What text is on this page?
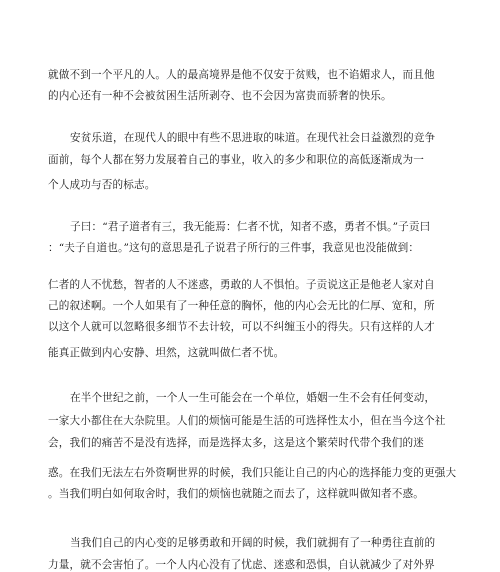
就做不到一个平凡的人。人的最高境界是他不仅安于贫贱，也不谄媚求人，而且他
的内心还有一种不会被贫困生活所剥夺、也不会因为富贵而骄奢的快乐。
安贫乐道，在现代人的眼中有些不思进取的味道。在现代社会日益激烈的竞争
面前，每个人都在努力发展着自己的事业，收入的多少和职位的高低逐渐成为一
个人成功与否的标志。
子曰：“君子道者有三，我无能焉：仁者不忧，知者不惑，勇者不惧。”子贡曰
：“夫子自道也。”这句的意思是孔子说君子所行的三件事，我意见也没能做到：
仁者的人不忧愁，智者的人不迷惑，勇敢的人不惧怕。子贡说这正是他老人家对自
己的叙述啊。一个人如果有了一种任意的胸怀，他的内心会无比的仁厚、宽和，所
以这个人就可以忽略很多细节不去计较，可以不纠缠玉小的得失。只有这样的人才
能真正做到内心安静、坦然，这就叫做仁者不忧。
在半个世纪之前，一个人一生可能会在一个单位，婚姻一生不会有任何变动，
一家大小都住在大杂院里。人们的烦恼可能是生活的可选择性太小，但在当今这个社
会，我们的痛苦不是没有选择，而是选择太多，这是这个繁荣时代带个我们的迷
惑。在我们无法左右外资啊世界的时候，我们只能让自己的内心的选择能力变的更强大
。当我们明白如何取舍时，我们的烦恼也就随之而去了，这样就叫做知者不惑。
当我们自己的内心变的足够勇敢和开阔的时候，我们就拥有了一种勇往直前的
力量，就不会害怕了。一个人内心没有了忧虑、迷惑和恐惧，自认就减少了对外界
